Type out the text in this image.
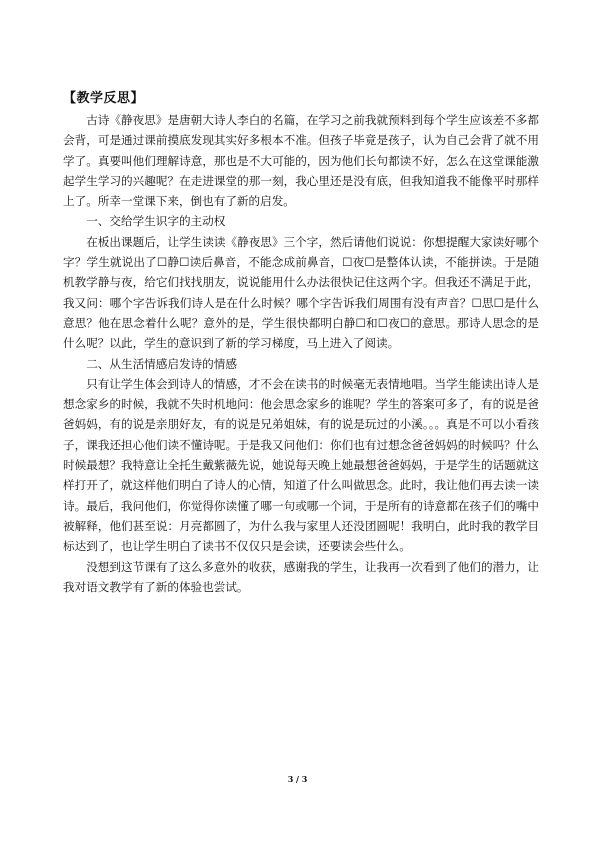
【教学反思】

古诗《静夜思》是唐朝大诗人李白的名篇，在学习之前我就预料到每个学生应该差不多都会背，可是通过课前摸底发现其实好多根本不准。但孩子毕竟是孩子，认为自己会背了就不用学了。真要叫他们理解诗意，那也是不大可能的，因为他们长句都读不好，怎么在这堂课能激起学生学习的兴趣呢？在走进课堂的那一刻，我心里还是没有底，但我知道我不能像平时那样上了。所幸一堂课下来，倒也有了新的启发。

一、交给学生识字的主动权

在板出课题后，让学生读读《静夜思》三个字，然后请他们说说：你想提醒大家读好哪个字？学生就说出了☐静☐读后鼻音，不能念成前鼻音，☐夜☐是整体认读，不能拼读。于是随机教学静与夜，给它们找找朋友，说说能用什么办法很快记住这两个字。但我还不满足于此，我又问：哪个字告诉我们诗人是在什么时候？哪个字告诉我们周围有没有声音？☐思☐是什么意思？他在思念着什么呢？意外的是，学生很快都明白静☐和☐夜☐的意思。那诗人思念的是什么呢？以此，学生的意识到了新的学习梯度，马上进入了阅读。

二、从生活情感启发诗的情感

只有让学生体会到诗人的情感，才不会在读书的时候毫无表情地唱。当学生能读出诗人是想念家乡的时候，我就不失时机地问：他会思念家乡的谁呢？学生的答案可多了，有的说是爸爸妈妈，有的说是亲朋好友，有的说是兄弟姐妹，有的说是玩过的小溪。。。真是不可以小看孩子，课我还担心他们读不懂诗呢。于是我又问他们：你们也有过想念爸爸妈妈的时候吗？什么时候最想？我特意让全托生戴紫薇先说，她说每天晚上她最想爸爸妈妈，于是学生的话题就这样打开了，就这样他们明白了诗人的心情，知道了什么叫做思念。此时，我让他们再去读一读诗。最后，我问他们，你觉得你读懂了哪一句或哪一个词，于是所有的诗意都在孩子们的嘴中被解释，他们甚至说：月亮都圆了，为什么我与家里人还没团圆呢！我明白，此时我的教学目标达到了，也让学生明白了读书不仅仅只是会读，还要读会些什么。

没想到这节课有了这么多意外的收获，感谢我的学生，让我再一次看到了他们的潜力，让我对语文教学有了新的体验也尝试。

3 / 3
